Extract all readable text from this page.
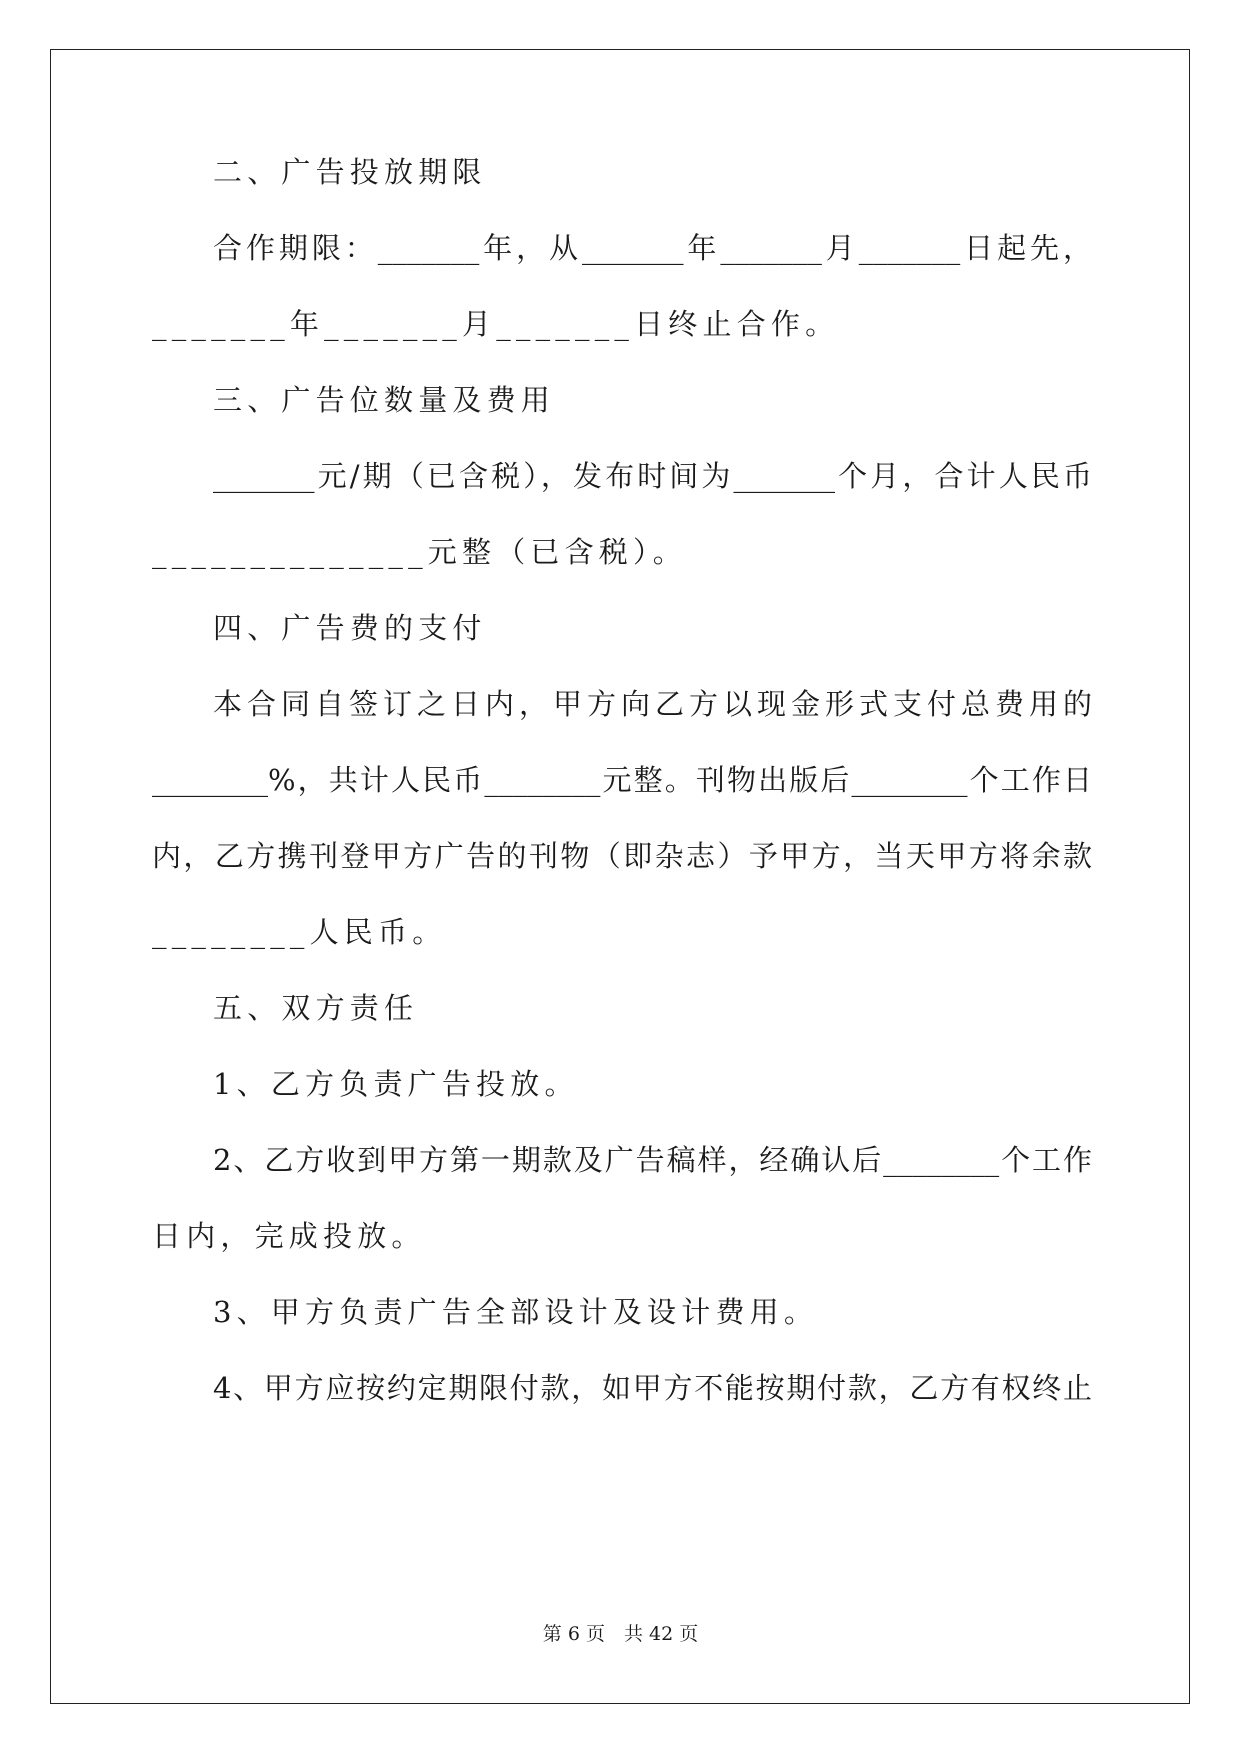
二、广告投放期限
合作期限：_______年，从_______年_______月_______日起先，
_______年_______月_______日终止合作。
三、广告位数量及费用
_______元/期（已含税），发布时间为_______个月，合计人民币
______________元整（已含税）。
四、广告费的支付
本合同自签订之日内，甲方向乙方以现金形式支付总费用的
________%，共计人民币________元整。刊物出版后________个工作日
内，乙方携刊登甲方广告的刊物（即杂志）予甲方，当天甲方将余款
________人民币。
五、双方责任
1、乙方负责广告投放。
2、乙方收到甲方第一期款及广告稿样，经确认后________个工作
日内，完成投放。
3、甲方负责广告全部设计及设计费用。
4、甲方应按约定期限付款，如甲方不能按期付款，乙方有权终止
第 6 页　共 42 页
